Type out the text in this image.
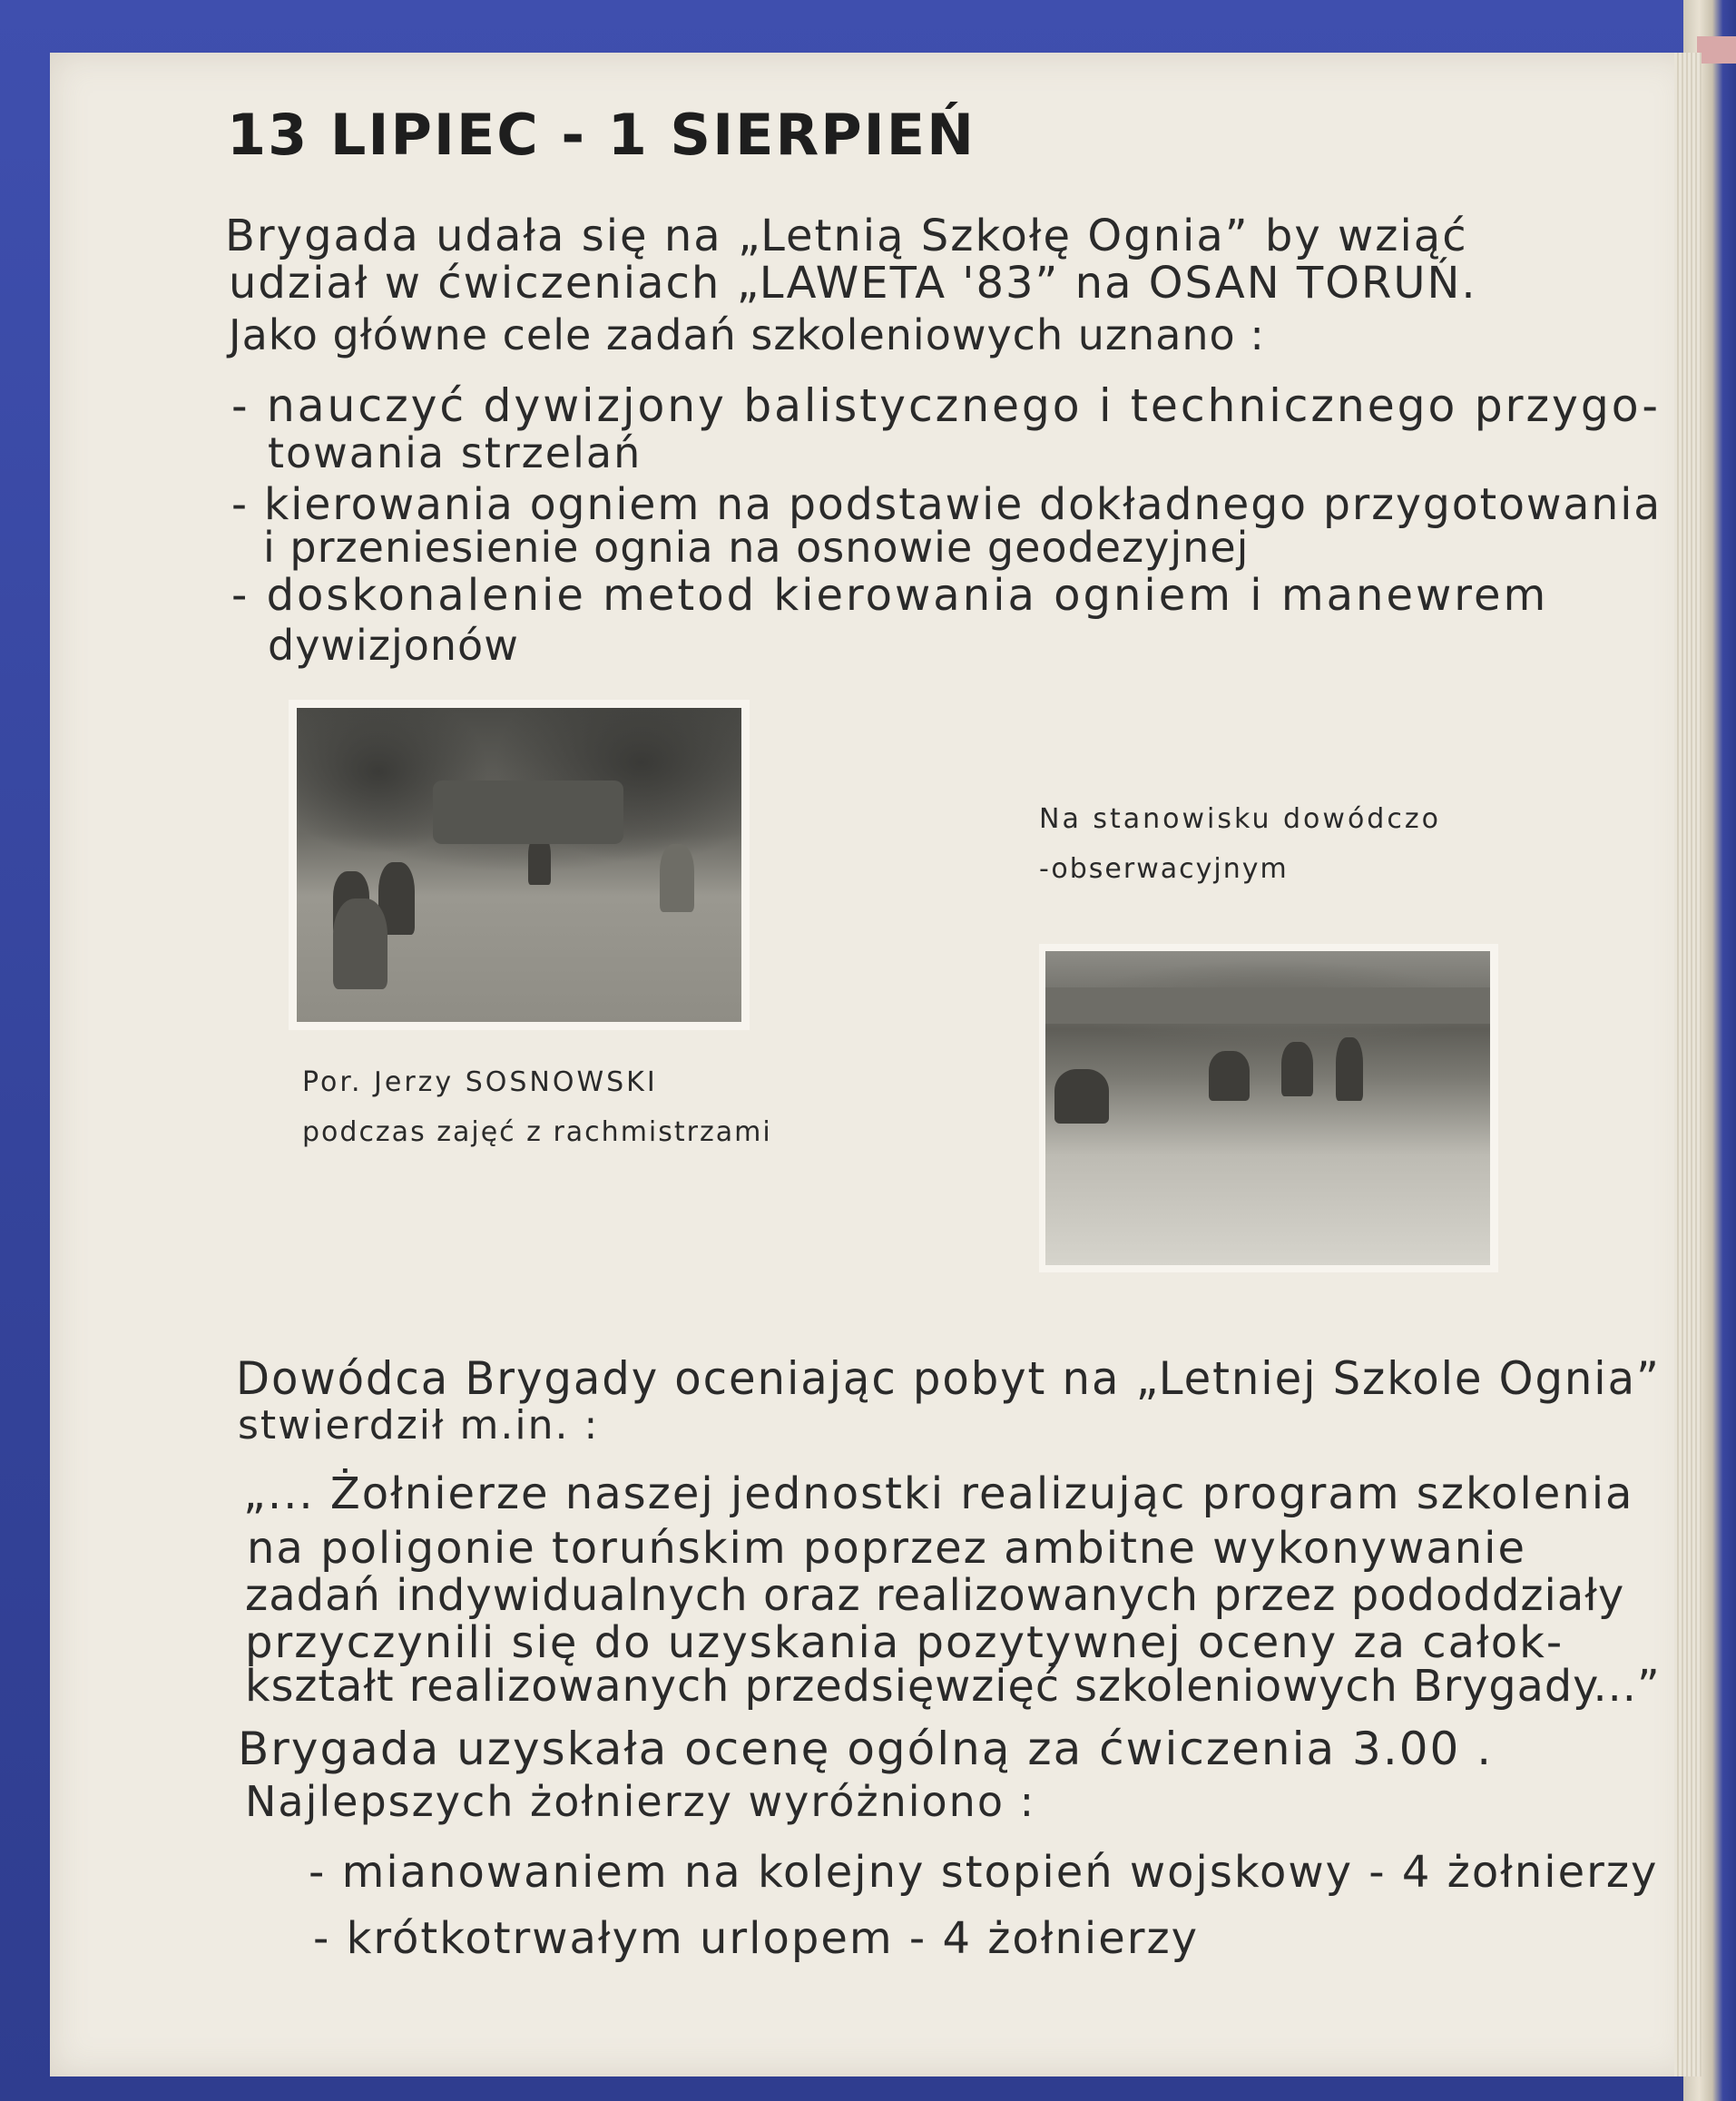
13 LIPIEC - 1 SIERPIEŃ
Brygada udała się na „Letnią Szkołę Ognia” by wziąć
udział w ćwiczeniach „LAWETA '83” na OSAN TORUŃ.
Jako główne cele zadań szkoleniowych uznano :
- nauczyć dywizjony balistycznego i technicznego przygo-
towania strzelań
- kierowania ogniem na podstawie dokładnego przygotowania
i przeniesienie ognia na osnowie geodezyjnej
- doskonalenie metod kierowania ogniem i manewrem
dywizjonów
Na stanowisku dowódczo
-obserwacyjnym
Por. Jerzy SOSNOWSKI
podczas zajęć z rachmistrzami
Dowódca Brygady oceniając pobyt na „Letniej Szkole Ognia”
stwierdził m.in. :
„... Żołnierze naszej jednostki realizując program szkolenia
na poligonie toruńskim poprzez ambitne wykonywanie
zadań indywidualnych oraz realizowanych przez pododdziały
przyczynili się do uzyskania pozytywnej oceny za całok-
kształt realizowanych przedsięwzięć szkoleniowych Brygady...”
Brygada uzyskała ocenę ogólną za ćwiczenia 3.00 .
Najlepszych żołnierzy wyróżniono :
- mianowaniem na kolejny stopień wojskowy - 4 żołnierzy
- krótkotrwałym urlopem - 4 żołnierzy
